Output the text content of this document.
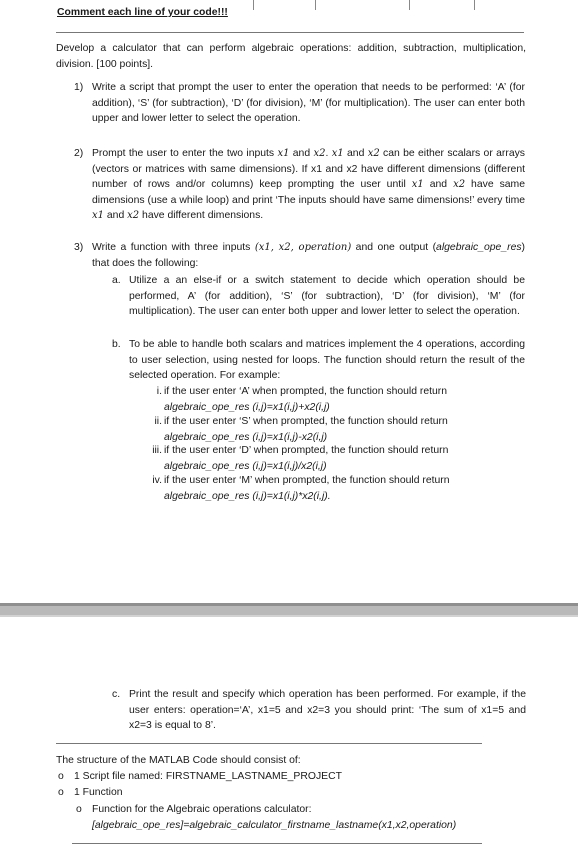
Comment each line of your code!!!
Develop a calculator that can perform algebraic operations: addition, subtraction, multiplication, division. [100 points].
1) Write a script that prompt the user to enter the operation that needs to be performed: ‘A’ (for addition), ‘S’ (for subtraction), ‘D’ (for division), ‘M’ (for multiplication). The user can enter both upper and lower letter to select the operation.
2) Prompt the user to enter the two inputs x1 and x2. x1 and x2 can be either scalars or arrays (vectors or matrices with same dimensions). If x1 and x2 have different dimensions (different number of rows and/or columns) keep prompting the user until x1 and x2 have same dimensions (use a while loop) and print ‘The inputs should have same dimensions!’ every time x1 and x2 have different dimensions.
3) Write a function with three inputs (x1, x2, operation) and one output (algebraic_ope_res) that does the following:
a. Utilize a an else-if or a switch statement to decide which operation should be performed, A’ (for addition), ‘S’ (for subtraction), ‘D’ (for division), ‘M’ (for multiplication). The user can enter both upper and lower letter to select the operation.
b. To be able to handle both scalars and matrices implement the 4 operations, according to user selection, using nested for loops. The function should return the result of the selected operation. For example:
i. if the user enter ‘A’ when prompted, the function should return
algebraic_ope_res (i,j)=x1(i,j)+x2(i,j)
ii. if the user enter ‘S’ when prompted, the function should return
algebraic_ope_res (i,j)=x1(i,j)-x2(i,j)
iii. if the user enter ‘D’ when prompted, the function should return
algebraic_ope_res (i,j)=x1(i,j)/x2(i,j)
iv. if the user enter ‘M’ when prompted, the function should return
algebraic_ope_res (i,j)=x1(i,j)*x2(i,j).
c. Print the result and specify which operation has been performed. For example, if the user enters: operation=‘A’, x1=5 and x2=3 you should print: ‘The sum of x1=5 and x2=3 is equal to 8’.
The structure of the MATLAB Code should consist of:
o 1 Script file named: FIRSTNAME_LASTNAME_PROJECT
o 1 Function
o Function for the Algebraic operations calculator:
[algebraic_ope_res]=algebraic_calculator_firstname_lastname(x1,x2,operation)
